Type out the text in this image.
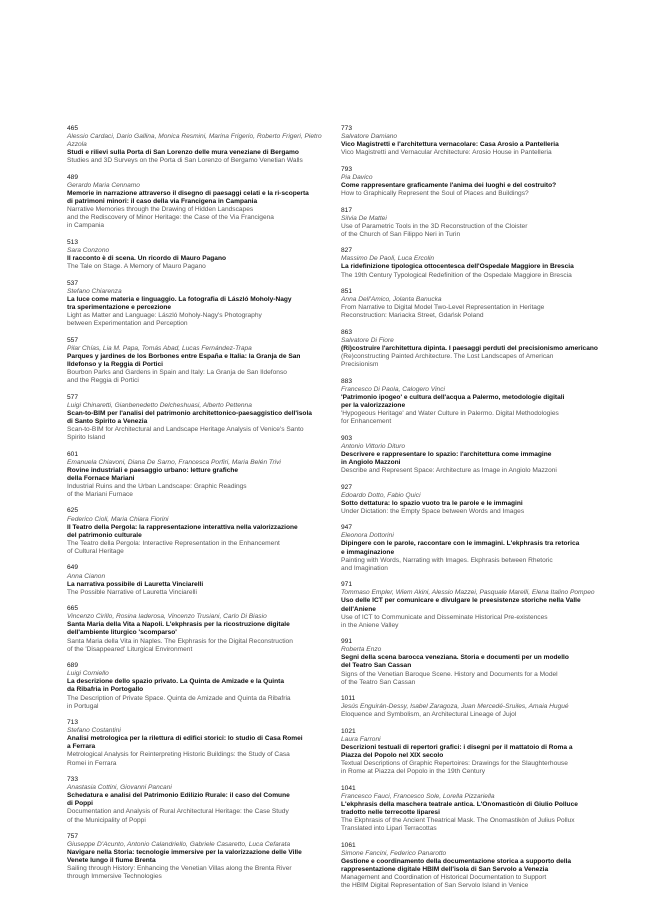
465
Alessio Cardaci, Dario Gallina, Monica Resmini, Marina Frigerio, Roberto Frigeri, Pietro Azzola
Studi e rilievi sulla Porta di San Lorenzo delle mura veneziane di Bergamo
Studies and 3D Surveys on the Porta di San Lorenzo of Bergamo Venetian Walls
489
Gerardo Maria Cennamo
Memorie in narrazione attraverso il disegno di paesaggi celati e la ri-scoperta
di patrimoni minori: il caso della via Francigena in Campania
Narrative Memories through the Drawing of Hidden Landscapes
and the Rediscovery of Minor Heritage: the Case of the Via Francigena
in Campania
513
Sara Conzono
Il racconto è di scena. Un ricordo di Mauro Pagano
The Tale on Stage. A Memory of Mauro Pagano
537
Stefano Chiarenza
La luce come materia e linguaggio. La fotografia di László Moholy-Nagy
tra sperimentazione e percezione
Light as Matter and Language: László Moholy-Nagy's Photography
between Experimentation and Perception
557
Pilar Chías, Lia M. Papa, Tomás Abad, Lucas Fernández-Trapa
Parques y jardines de los Borbones entre España e Italia: la Granja de San
Ildefonso y la Reggia di Portici
Bourbon Parks and Gardens in Spain and Italy: La Granja de San Ildefonso
and the Reggia di Portici
577
Luigi Chinaretti, Gianbenedetto Delcheshuasi, Alberto Pettenna
Scan-to-BIM per l'analisi del patrimonio architettonico-paesaggistico dell'isola
di Santo Spirito a Venezia
Scan-to-BIM for Architectural and Landscape Heritage Analysis of Venice's Santo
Spirito Island
601
Emanuela Chiavoni, Diana De Sarno, Francesca Porfiri, Maria Belén Trivi
Rovine industriali e paesaggio urbano: letture grafiche
della Fornace Mariani
Industrial Ruins and the Urban Landscape: Graphic Readings
of the Mariani Furnace
625
Federico Cioli, Maria Chiara Fiorini
Il Teatro della Pergola: la rappresentazione interattiva nella valorizzazione
del patrimonio culturale
The Teatro della Pergola: Interactive Representation in the Enhancement
of Cultural Heritage
649
Anna Cianon
La narrativa possibile di Lauretta Vinciarelli
The Possible Narrative of Lauretta Vinciarelli
665
Vincenzo Cirillo, Rosina Iaderosa, Vincenzo Trusiani, Carlo Di Biasio
Santa Maria della Vita a Napoli. L'ekphrasis per la ricostruzione digitale
dell'ambiente liturgico 'scomparso'
Santa Maria della Vita in Naples. The Ekphrasis for the Digital Reconstruction
of the 'Disappeared' Liturgical Environment
689
Luigi Corniello
La descrizione dello spazio privato. La Quinta de Amizade e la Quinta
da Ribafria in Portogallo
The Description of Private Space. Quinta de Amizade and Quinta da Ribafria
in Portugal
713
Stefano Costantini
Analisi metrologica per la rilettura di edifici storici: lo studio di Casa Romei
a Ferrara
Metrological Analysis for Reinterpreting Historic Buildings: the Study of Casa
Romei in Ferrara
733
Anastasia Cottini, Giovanni Pancani
Schedatura e analisi del Patrimonio Edilizio Rurale: il caso del Comune
di Poppi
Documentation and Analysis of Rural Architectural Heritage: the Case Study
of the Municipality of Poppi
757
Giuseppe D'Acunto, Antonio Calandriello, Gabriele Casaretto, Luca Cefarata
Navigare nella Storia: tecnologie immersive per la valorizzazione delle Ville
Venete lungo il fiume Brenta
Sailing through History: Enhancing the Venetian Villas along the Brenta River
through Immersive Technologies
773
Salvatore Damiano
Vico Magistretti e l'architettura vernacolare: Casa Arosio a Pantelleria
Vico Magistretti and Vernacular Architecture: Arosio House in Pantelleria
793
Pia Davico
Come rappresentare graficamente l'anima dei luoghi e del costruito?
How to Graphically Represent the Soul of Places and Buildings?
817
Silvia De Mattei
Use of Parametric Tools in the 3D Reconstruction of the Cloister
of the Church of San Filippo Neri in Turin
827
Massimo De Paoli, Luca Ercolin
La ridefinizione tipologica ottocentesca dell'Ospedale Maggiore in Brescia
The 19th Century Typological Redefinition of the Ospedale Maggiore in Brescia
851
Anna Dell'Amico, Jolanta Banucka
From Narrative to Digital Model Two-Level Representation in Heritage
Reconstruction: Mariacka Street, Gdańsk Poland
863
Salvatore Di Fiore
(Ri)costruire l'architettura dipinta. I paesaggi perduti del precisionismo americano
(Re)constructing Painted Architecture. The Lost Landscapes of American
Precisionism
883
Francesco Di Paola, Calogero Vinci
'Patrimonio ipogeo' e cultura dell'acqua a Palermo, metodologie digitali
per la valorizzazione
'Hypogeous Heritage' and Water Culture in Palermo. Digital Methodologies
for Enhancement
903
Antonio Vittorio Dituro
Descrivere e rappresentare lo spazio: l'architettura come immagine
in Angiolo Mazzoni
Describe and Represent Space: Architecture as Image in Angiolo Mazzoni
927
Edoardo Dotto, Fabio Quici
Sotto dettatura: lo spazio vuoto tra le parole e le immagini
Under Dictation: the Empty Space between Words and Images
947
Eleonora Dottorini
Dipingere con le parole, raccontare con le immagini. L'ekphrasis tra retorica
e immaginazione
Painting with Words, Narrating with Images. Ekphrasis between Rhetoric
and Imagination
971
Tommaso Empler, Wiem Akini, Alessio Mazzei, Pasquale Marelli, Elena Italino Pompeo
Uso delle ICT per comunicare e divulgare le preesistenze storiche nella Valle
dell'Aniene
Use of ICT to Communicate and Disseminate Historical Pre-existences
in the Aniene Valley
991
Roberta Enzo
Segni della scena barocca veneziana. Storia e documenti per un modello
del Teatro San Cassan
Signs of the Venetian Baroque Scene. History and Documents for a Model
of the Teatro San Cassan
1011
Jesús Enguirán-Dessy, Isabel Zaragoza, Juan Mercedé-Sruiles, Amaia Hugué
Eloquence and Symbolism, an Architectural Lineage of Jujol
1021
Laura Farroni
Descrizioni testuali di repertori grafici: i disegni per il mattatoio di Roma a
Piazza del Popolo nel XIX secolo
Textual Descriptions of Graphic Repertoires: Drawings for the Slaughterhouse
in Rome at Piazza del Popolo in the 19th Century
1041
Francesco Fauci, Francesco Sole, Lorella Pizzariella
L'ekphrasis della maschera teatrale antica. L'Onomasticòn di Giulio Polluce
tradotto nelle terrecotte liparesi
The Ekphrasis of the Ancient Theatrical Mask. The Onomastikòn of Julius Pollux
Translated into Lipari Terracottas
1061
Simone Fancini, Federico Panarotto
Gestione e coordinamento della documentazione storica a supporto della
rappresentazione digitale HBIM dell'isola di San Servolo a Venezia
Management and Coordination of Historical Documentation to Support
the HBIM Digital Representation of San Servolo Island in Venice
